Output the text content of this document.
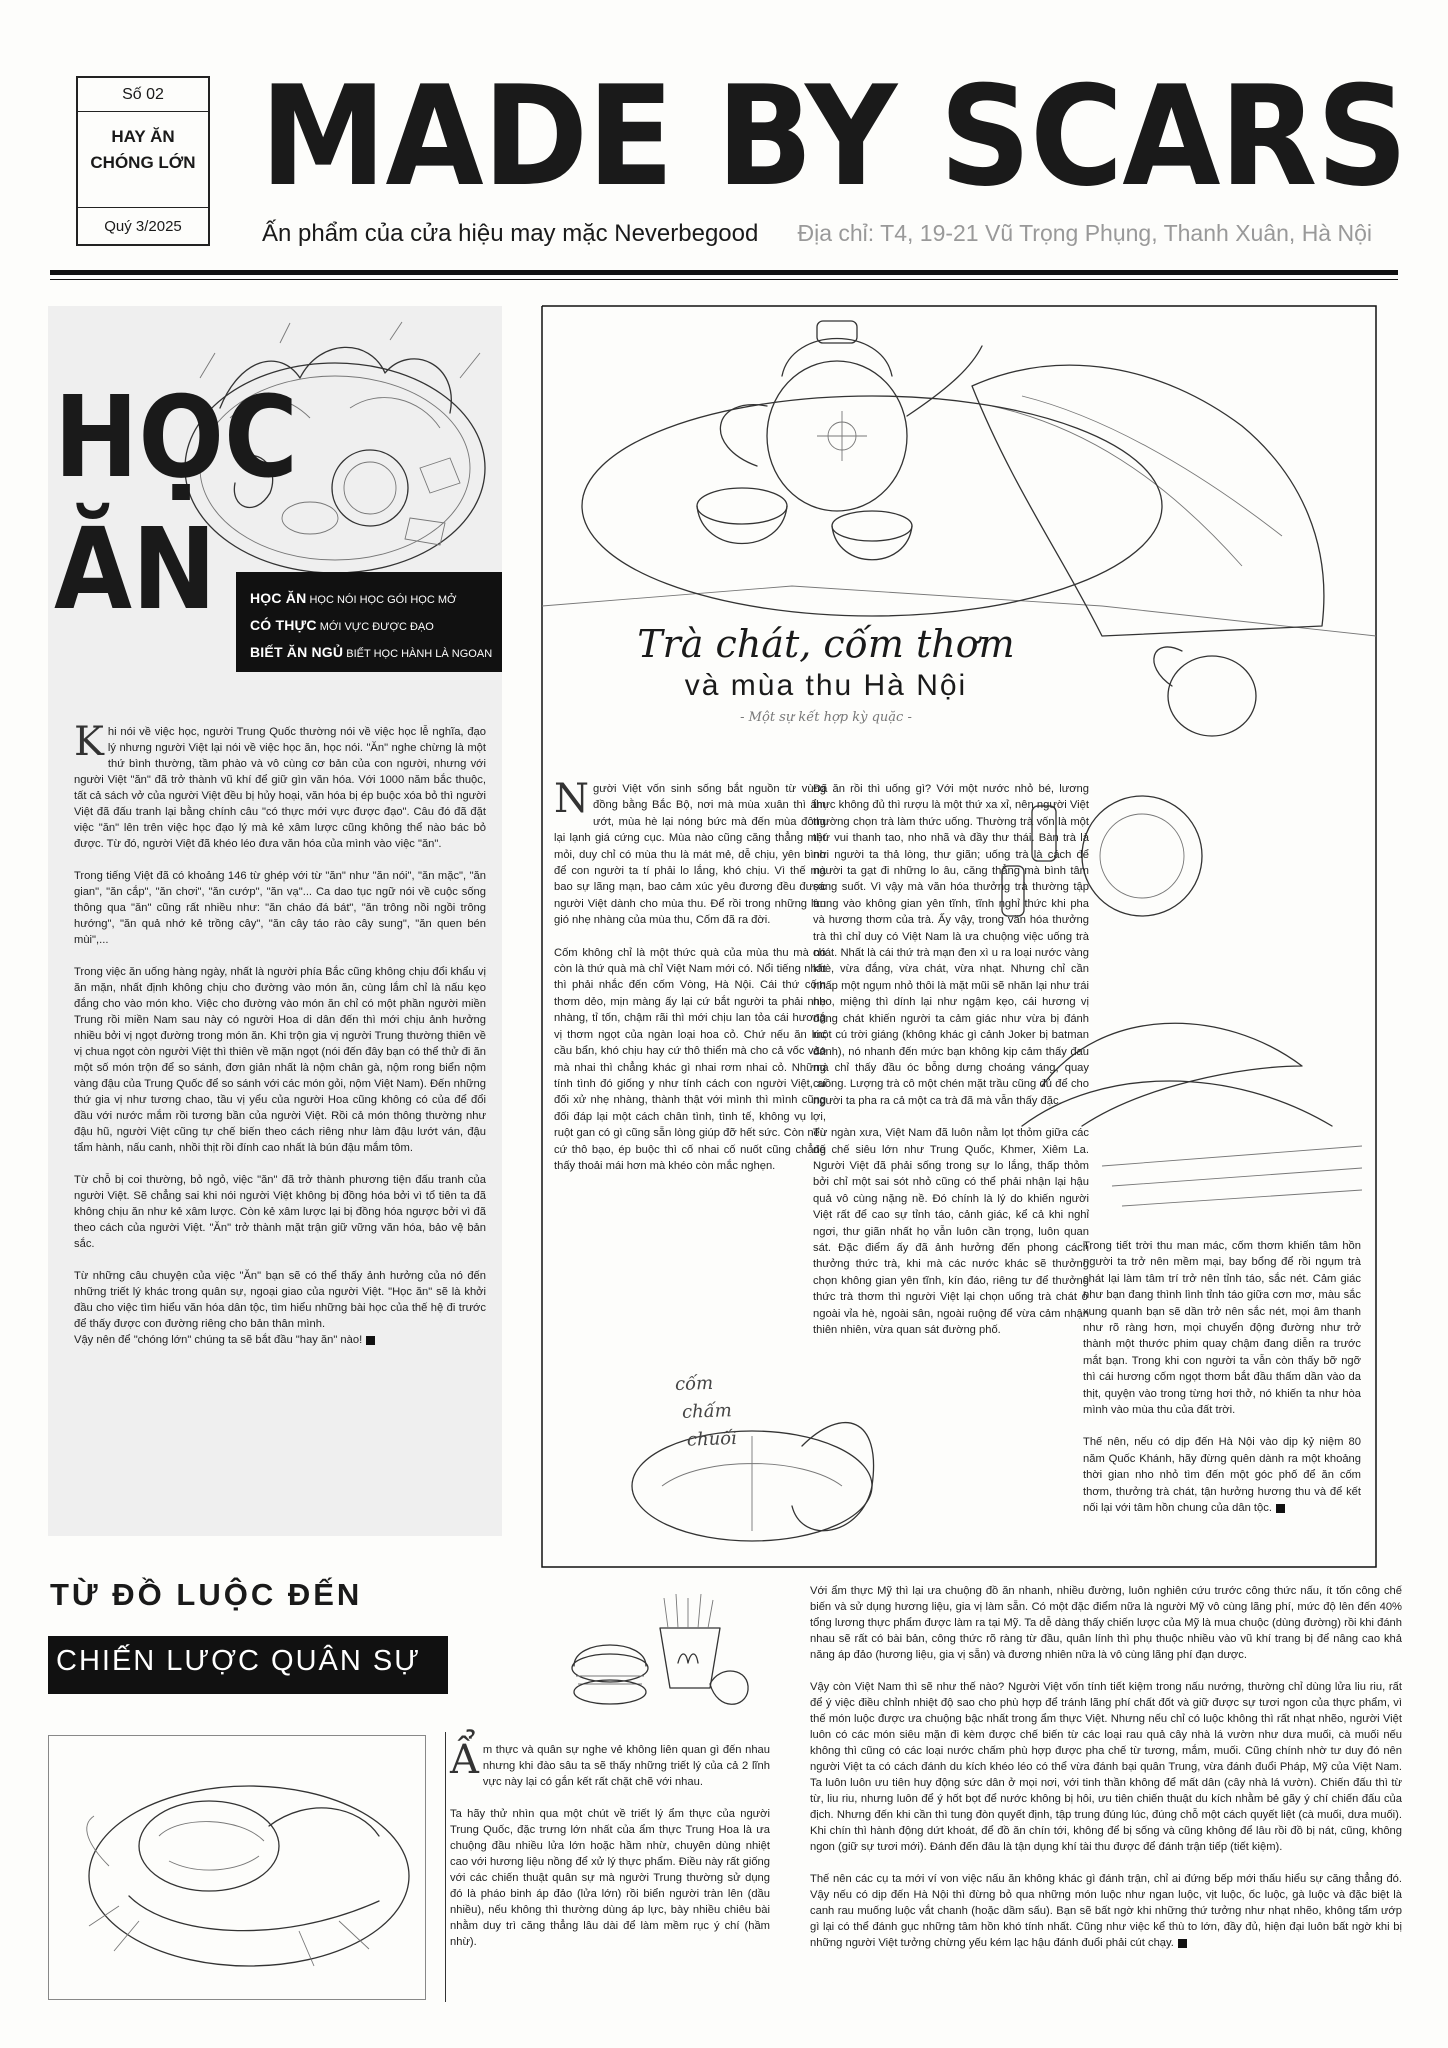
Số 02
HAY ĂN
CHÓNG LỚN
Quý 3/2025
MADE BY SCARS
Ấn phẩm của cửa hiệu may mặc Neverbegood Địa chỉ: T4, 19-21 Vũ Trọng Phụng, Thanh Xuân, Hà Nội
HỌC
ĂN	HỌC ĂN HỌC NÓI HỌC GÓI HỌC MỞ
CÓ THỰC MỚI VỰC ĐƯỢC ĐẠO
BIẾT ĂN NGỦ BIẾT HỌC HÀNH LÀ NGOAN

Khi nói về việc học, người Trung Quốc thường nói về việc học lễ nghĩa, đạo lý nhưng người Việt lại nói về việc học ăn, học nói. "Ăn" nghe chừng là một thứ bình thường, tầm phào và vô cùng cơ bản của con người, nhưng với người Việt "ăn" đã trở thành vũ khí để giữ gìn văn hóa. Với 1000 năm bắc thuộc, tất cả sách vở của người Việt đều bị hủy hoại, văn hóa bị ép buộc xóa bỏ thì người Việt đã đấu tranh lại bằng chính câu "có thực mới vực được đạo". Câu đó đã đặt việc "ăn" lên trên việc học đạo lý mà kẻ xâm lược cũng không thể nào bác bỏ được. Từ đó, người Việt đã khéo léo đưa văn hóa của mình vào việc "ăn".

Trong tiếng Việt đã có khoảng 146 từ ghép với từ "ăn" như "ăn nói", "ăn mặc", "ăn gian", "ăn cắp", "ăn chơi", "ăn cướp", "ăn vạ"... Ca dao tục ngữ nói về cuộc sống thông qua "ăn" cũng rất nhiều như: "ăn cháo đá bát", "ăn trông nồi ngồi trông hướng", "ăn quả nhớ kẻ trồng cây", "ăn cây táo rào cây sung", "ăn quen bén mùi",...

Trong việc ăn uống hàng ngày, nhất là người phía Bắc cũng không chịu đổi khẩu vị ăn mặn, nhất định không chịu cho đường vào món ăn, cùng lắm chỉ là nấu kẹo đắng cho vào món kho. Việc cho đường vào món ăn chỉ có một phần người miền Trung rồi miền Nam sau này có người Hoa di dân đến thì mới chịu ảnh hưởng nhiều bởi vị ngọt đường trong món ăn. Khi trộn gia vị người Trung thường thiên về vị chua ngọt còn người Việt thì thiên về mặn ngọt (nói đến đây bạn có thể thử đi ăn một số món trộn để so sánh, đơn giản nhất là nộm chân gà, nộm rong biển nộm vàng đậu của Trung Quốc để so sánh với các món gỏi, nộm Việt Nam). Đến những thứ gia vị như tương chao, tầu vị yểu của người Hoa cũng không có của để đổi đầu với nước mắm rồi tương bần của người Việt. Rồi cả món thông thường như đậu hũ, người Việt cũng tự chế biến theo cách riêng như làm đậu lướt ván, đậu tẩm hành, nấu canh, nhồi thịt rồi đính cao nhất là bún đậu mắm tôm.

Từ chỗ bị coi thường, bỏ ngỏ, việc "ăn" đã trở thành phương tiện đấu tranh của người Việt. Sẽ chẳng sai khi nói người Việt không bị đồng hóa bởi vì tổ tiên ta đã không chịu ăn như kẻ xâm lược. Còn kẻ xâm lược lại bị đồng hóa ngược bởi vì đã theo cách của người Việt. "Ăn" trở thành mặt trận giữ vững văn hóa, bảo vệ bản sắc.

Từ những câu chuyện của việc "Ăn" bạn sẽ có thể thấy ảnh hưởng của nó đến những triết lý khác trong quân sự, ngoại giao của người Việt. "Học ăn" sẽ là khởi đầu cho việc tìm hiểu văn hóa dân tộc, tìm hiểu những bài học của thế hệ đi trước để thấy được con đường riêng cho bản thân mình.

Vậy nên để "chóng lớn" chúng ta sẽ bắt đầu "hay ăn" nào!

Trà chát, cốm thơm
và mùa thu Hà Nội
- Một sự kết hợp kỳ quặc -

Người Việt vốn sinh sống bắt nguồn từ vùng đồng bằng Bắc Bộ, nơi mà mùa xuân thì ẩm ướt, mùa hè lại nóng bức mà đến mùa đông lại lạnh giá cứng cục. Mùa nào cũng căng thẳng mệt mỏi, duy chỉ có mùa thu là mát mẻ, dễ chịu, yên bình để con người ta tí phải lo lắng, khó chịu. Vì thế mà bao sự lãng mạn, bao cảm xúc yêu đương đều được người Việt dành cho mùa thu. Để rồi trong những làn gió nhẹ nhàng của mùa thu, Cốm đã ra đời.

Cốm không chỉ là một thức quà của mùa thu mà nó còn là thứ quà mà chỉ Việt Nam mới có. Nổi tiếng nhất thì phải nhắc đến cốm Vòng, Hà Nội. Cái thứ cốm thơm dẻo, mịn màng ấy lại cứ bắt người ta phải nhẹ nhàng, tỉ tốn, chậm rãi thì mới chịu lan tỏa cái hương vị thơm ngọt của ngàn loại hoa cỏ. Chứ nếu ăn lúc cầu bẩn, khó chịu hay cứ thô thiển mà cho cả vốc vào mà nhai thì chẳng khác gì nhai rơm nhai cỏ. Những tính tình đó giống y như tính cách con người Việt, ai đối xử nhẹ nhàng, thành thật với mình thì mình cũng đối đáp lại một cách chân tình, tình tế, không vụ lợi, ruột gan có gì cũng sẵn lòng giúp đỡ hết sức. Còn nếu cứ thô bạo, ép buộc thì cố nhai cố nuốt cũng chẳng thấy thoải mái hơn mà khéo còn mắc nghẹn.

Đã ăn rồi thì uống gì? Với một nước nhỏ bé, lương thực không đủ thì rượu là một thứ xa xỉ, nên người Việt thường chọn trà làm thức uống. Thường trà vốn là một thứ vui thanh tao, nho nhã và đầy thư thái. Bàn trà là nơi người ta thả lòng, thư giãn; uống trà là cách để người ta gạt đi những lo âu, căng thẳng mà bình tâm sáng suốt. Vì vậy mà văn hóa thưởng trà thường tập trung vào không gian yên tĩnh, tĩnh nghỉ thức khi pha và hương thơm của trà. Ấy vậy, trong văn hóa thưởng trà thì chỉ duy có Việt Nam là ưa chuộng việc uống trà chát. Nhất là cái thứ trà mạn đen xì u ra loại nước vàng khè, vừa đắng, vừa chát, vừa nhạt. Nhưng chỉ cần nhấp một ngụm nhỏ thôi là mặt mũi sẽ nhăn lại như trái nho, miệng thì dính lại như ngậm kẹo, cái hương vị đắng chát khiến người ta cảm giác như vừa bị đánh một cú trời giáng (không khác gì cảnh Joker bị batman đánh), nó nhanh đến mức bạn không kịp cảm thấy đau mà chỉ thấy đầu óc bỗng dưng choáng váng, quay cuồng. Lượng trà cô một chén mặt trầu cũng đủ để cho người ta pha ra cả một ca trà đã mà vẫn thấy đặc.

Từ ngàn xưa, Việt Nam đã luôn nằm lọt thỏm giữa các đế chế siêu lớn như Trung Quốc, Khmer, Xiêm La. Người Việt đã phải sống trong sự lo lắng, thấp thỏm bởi chỉ một sai sót nhỏ cũng có thể phải nhận lại hậu quả vô cùng nặng nề. Đó chính là lý do khiến người Việt rất để cao sự tỉnh táo, cảnh giác, kể cả khi nghỉ ngơi, thư giãn nhất họ vẫn luôn cần trọng, luôn quan sát. Đặc điểm ấy đã ảnh hưởng đến phong cách thưởng thức trà, khi mà các nước khác sẽ thưởng chọn không gian yên tĩnh, kín đáo, riêng tư để thưởng thức trà thơm thì người Việt lại chọn uống trà chát ở ngoài vỉa hè, ngoài sân, ngoài ruộng để vừa cảm nhận thiên nhiên, vừa quan sát đường phố.

Trong tiết trời thu man mác, cốm thơm khiến tâm hồn người ta trở nên mềm mại, bay bổng để rồi ngụm trà chát lại làm tâm trí trở nên tỉnh táo, sắc nét. Cảm giác như bạn đang thình lình tỉnh táo giữa cơn mơ, màu sắc xung quanh bạn sẽ dần trở nên sắc nét, mọi âm thanh như rõ ràng hơn, mọi chuyển động đường như trở thành một thước phim quay chậm đang diễn ra trước mắt bạn. Trong khi con người ta vẫn còn thấy bỡ ngỡ thì cái hương cốm ngọt thơm bắt đầu thấm dần vào da thịt, quyện vào trong từng hơi thở, nó khiến ta như hòa mình vào mùa thu của đất trời.

Thế nên, nếu có dịp đến Hà Nội vào dịp kỷ niệm 80 năm Quốc Khánh, hãy đừng quên dành ra một khoảng thời gian nho nhỏ tìm đến một góc phố để ăn cốm thơm, thưởng trà chát, tận hưởng hương thu và để kết nối lại với tâm hồn chung của dân tộc.

cốm
chấm
chuối
TỪ ĐỒ LUỘC ĐẾN
CHIẾN LƯỢC QUÂN SỰ

Ẩm thực và quân sự nghe vẻ không liên quan gì đến nhau nhưng khi đào sâu ta sẽ thấy những triết lý của cả 2 lĩnh vực này lại có gắn kết rất chặt chẽ với nhau.

Ta hãy thử nhìn qua một chút về triết lý ẩm thực của người Trung Quốc, đặc trưng lớn nhất của ẩm thực Trung Hoa là ưa chuộng đầu nhiều lửa lớn hoặc hầm nhừ, chuyên dùng nhiệt cao với hương liệu nồng để xử lý thực phẩm. Điều này rất giống với các chiến thuật quân sự mà người Trung thường sử dụng đó là pháo binh áp đảo (lửa lớn) rồi biển người tràn lên (dầu nhiều), nếu không thì thường dùng áp lực, bày nhiều chiêu bài nhằm duy trì căng thẳng lâu dài để làm mềm rục ý chí (hầm nhừ).

Với ẩm thực Mỹ thì lại ưa chuộng đồ ăn nhanh, nhiều đường, luôn nghiên cứu trước công thức nấu, ít tốn công chế biến và sử dụng hương liệu, gia vị làm sẵn. Có một đặc điểm nữa là người Mỹ vô cùng lãng phí, mức độ lên đến 40% tổng lương thực phẩm được làm ra tại Mỹ. Ta dễ dàng thấy chiến lược của Mỹ là mua chuộc (dùng đường) rồi khi đánh nhau sẽ rất có bài bản, công thức rõ ràng từ đầu, quân lính thì phụ thuộc nhiều vào vũ khí trang bị để nâng cao khả năng áp đảo (hương liệu, gia vị sẵn) và đương nhiên nữa là vô cùng lãng phí đạn dược.

Vậy còn Việt Nam thì sẽ như thế nào? Người Việt vốn tính tiết kiệm trong nấu nướng, thường chỉ dùng lửa liu riu, rất để ý việc điều chỉnh nhiệt độ sao cho phù hợp để tránh lãng phí chất đốt và giữ được sự tươi ngon của thực phẩm, vì thế món luộc được ưa chuộng bậc nhất trong ẩm thực Việt. Nhưng nếu chỉ có luộc không thì rất nhạt nhẽo, người Việt luôn có các món siêu mặn đi kèm được chế biến từ các loại rau quả cây nhà lá vườn như dưa muối, cà muối nếu không thì cũng có các loại nước chấm phù hợp được pha chế từ tương, mắm, muối. Cũng chính nhờ tư duy đó nên người Việt ta có cách đánh du kích khéo léo có thể vừa đánh bại quân Trung, vừa đánh đuổi Pháp, Mỹ của Việt Nam. Ta luôn luôn ưu tiên huy động sức dân ở mọi nơi, với tinh thần không để mất dân (cây nhà lá vườn). Chiến đấu thì từ từ, liu riu, nhưng luôn để ý hốt bọt để nước không bị hôi, ưu tiên chiến thuật du kích nhằm bẻ gãy ý chí chiến đấu của địch. Nhưng đến khi cần thì tung đòn quyết định, tập trung đúng lúc, đúng chỗ một cách quyết liệt (cà muối, dưa muối). Khi chín thì hành động dứt khoát, để đồ ăn chín tới, không để bị sống và cũng không để lâu rồi đồ bị nát, cũng, không ngon (giữ sự tươi mới). Đánh đến đâu là tận dụng khí tài thu được để đánh trận tiếp (tiết kiệm).

Thế nên các cụ ta mới ví von việc nấu ăn không khác gì đánh trận, chỉ ai đứng bếp mới thấu hiểu sự căng thẳng đó. Vậy nếu có dịp đến Hà Nội thì đừng bỏ qua những món luộc như ngan luộc, vịt luộc, ốc luộc, gà luộc và đặc biệt là canh rau muống luộc vắt chanh (hoặc dầm sấu). Bạn sẽ bất ngờ khi những thứ tưởng như nhạt nhẽo, không tẩm ướp gì lại có thể đánh gục những tâm hồn khó tính nhất. Cũng như việc kể thù to lớn, đầy đủ, hiện đại luôn bất ngờ khi bị những người Việt tưởng chừng yếu kém lạc hậu đánh đuổi phải cút chạy.
